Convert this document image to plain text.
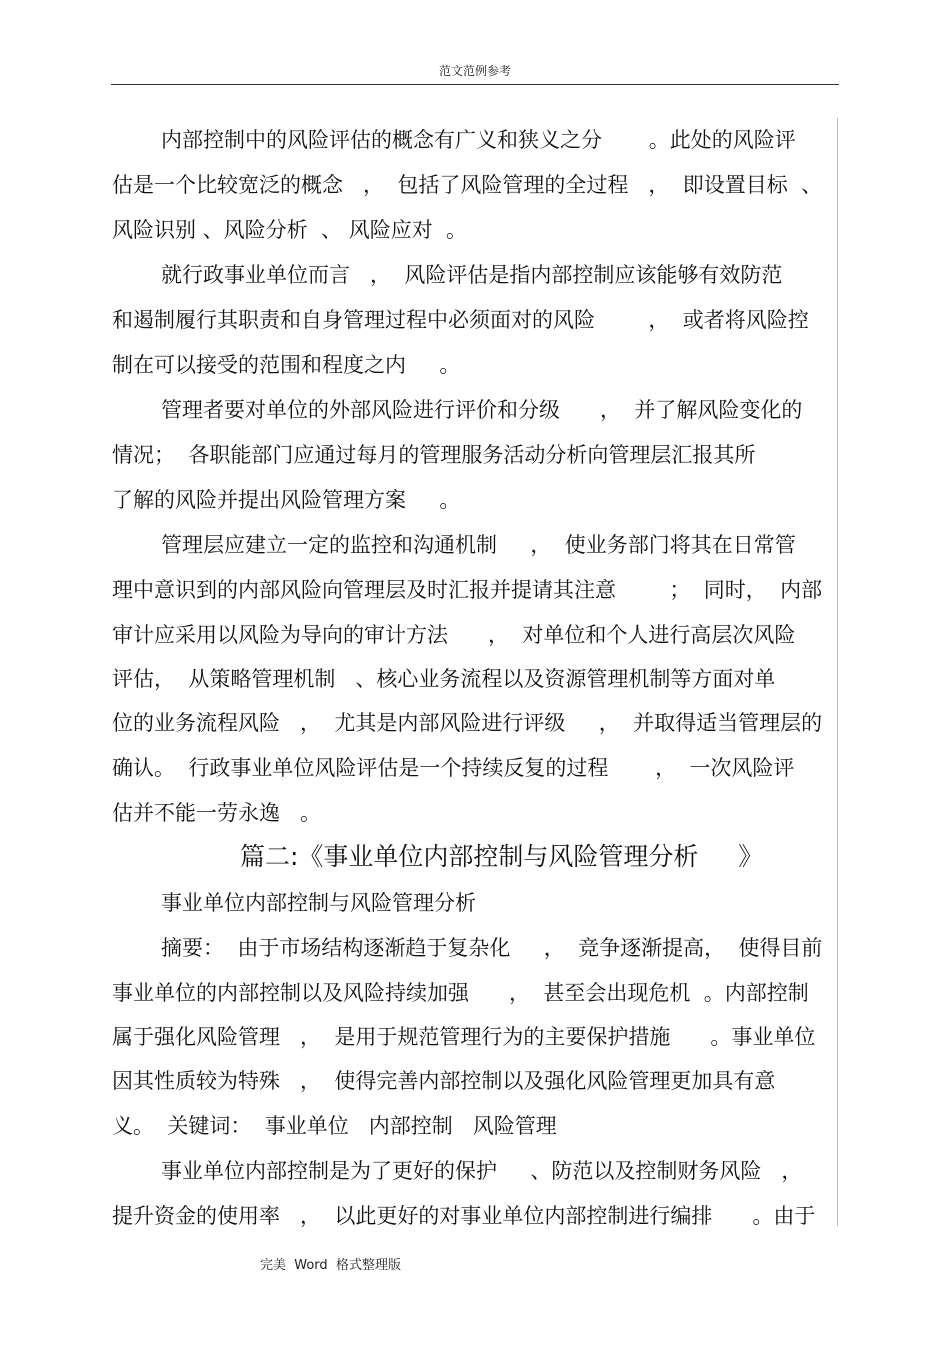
范文范例参考
内部控制中的风险评估的概念有广义和狭义之分       。此处的风险评
估是一个比较宽泛的概念   ，  包括了风险管理的全过程   ，  即设置目标  、
风险识别 、风险分析  、 风险应对  。
就行政事业单位而言   ，  风险评估是指内部控制应该能够有效防范
和遏制履行其职责和自身管理过程中必须面对的风险        ，  或者将风险控
制在可以接受的范围和程度之内     。
管理者要对单位的外部风险进行评价和分级      ，  并了解风险变化的
情况；  各职能部门应通过每月的管理服务活动分析向管理层汇报其所
了解的风险并提出风险管理方案     。
管理层应建立一定的监控和沟通机制     ，  使业务部门将其在日常管
理中意识到的内部风险向管理层及时汇报并提请其注意        ；  同时，  内部
审计应采用以风险为导向的审计方法      ，  对单位和个人进行高层次风险
评估，  从策略管理机制   、核心业务流程以及资源管理机制等方面对单
位的业务流程风险   ，  尤其是内部风险进行评级     ，  并取得适当管理层的
确认。  行政事业单位风险评估是一个持续反复的过程       ，  一次风险评
估并不能一劳永逸   。
篇二:《事业单位内部控制与风险管理分析     》
事业单位内部控制与风险管理分析
摘要：  由于市场结构逐渐趋于复杂化     ，  竞争逐渐提高，  使得目前
事业单位的内部控制以及风险持续加强      ，  甚至会出现危机  。内部控制
属于强化风险管理   ，  是用于规范管理行为的主要保护措施      。事业单位
因其性质较为特殊   ，  使得完善内部控制以及强化风险管理更加具有意
义。  关键词：  事业单位   内部控制   风险管理
事业单位内部控制是为了更好的保护     、防范以及控制财务风险   ，
提升资金的使用率   ，  以此更好的对事业单位内部控制进行编排      。由于
完美  Word  格式整理版
